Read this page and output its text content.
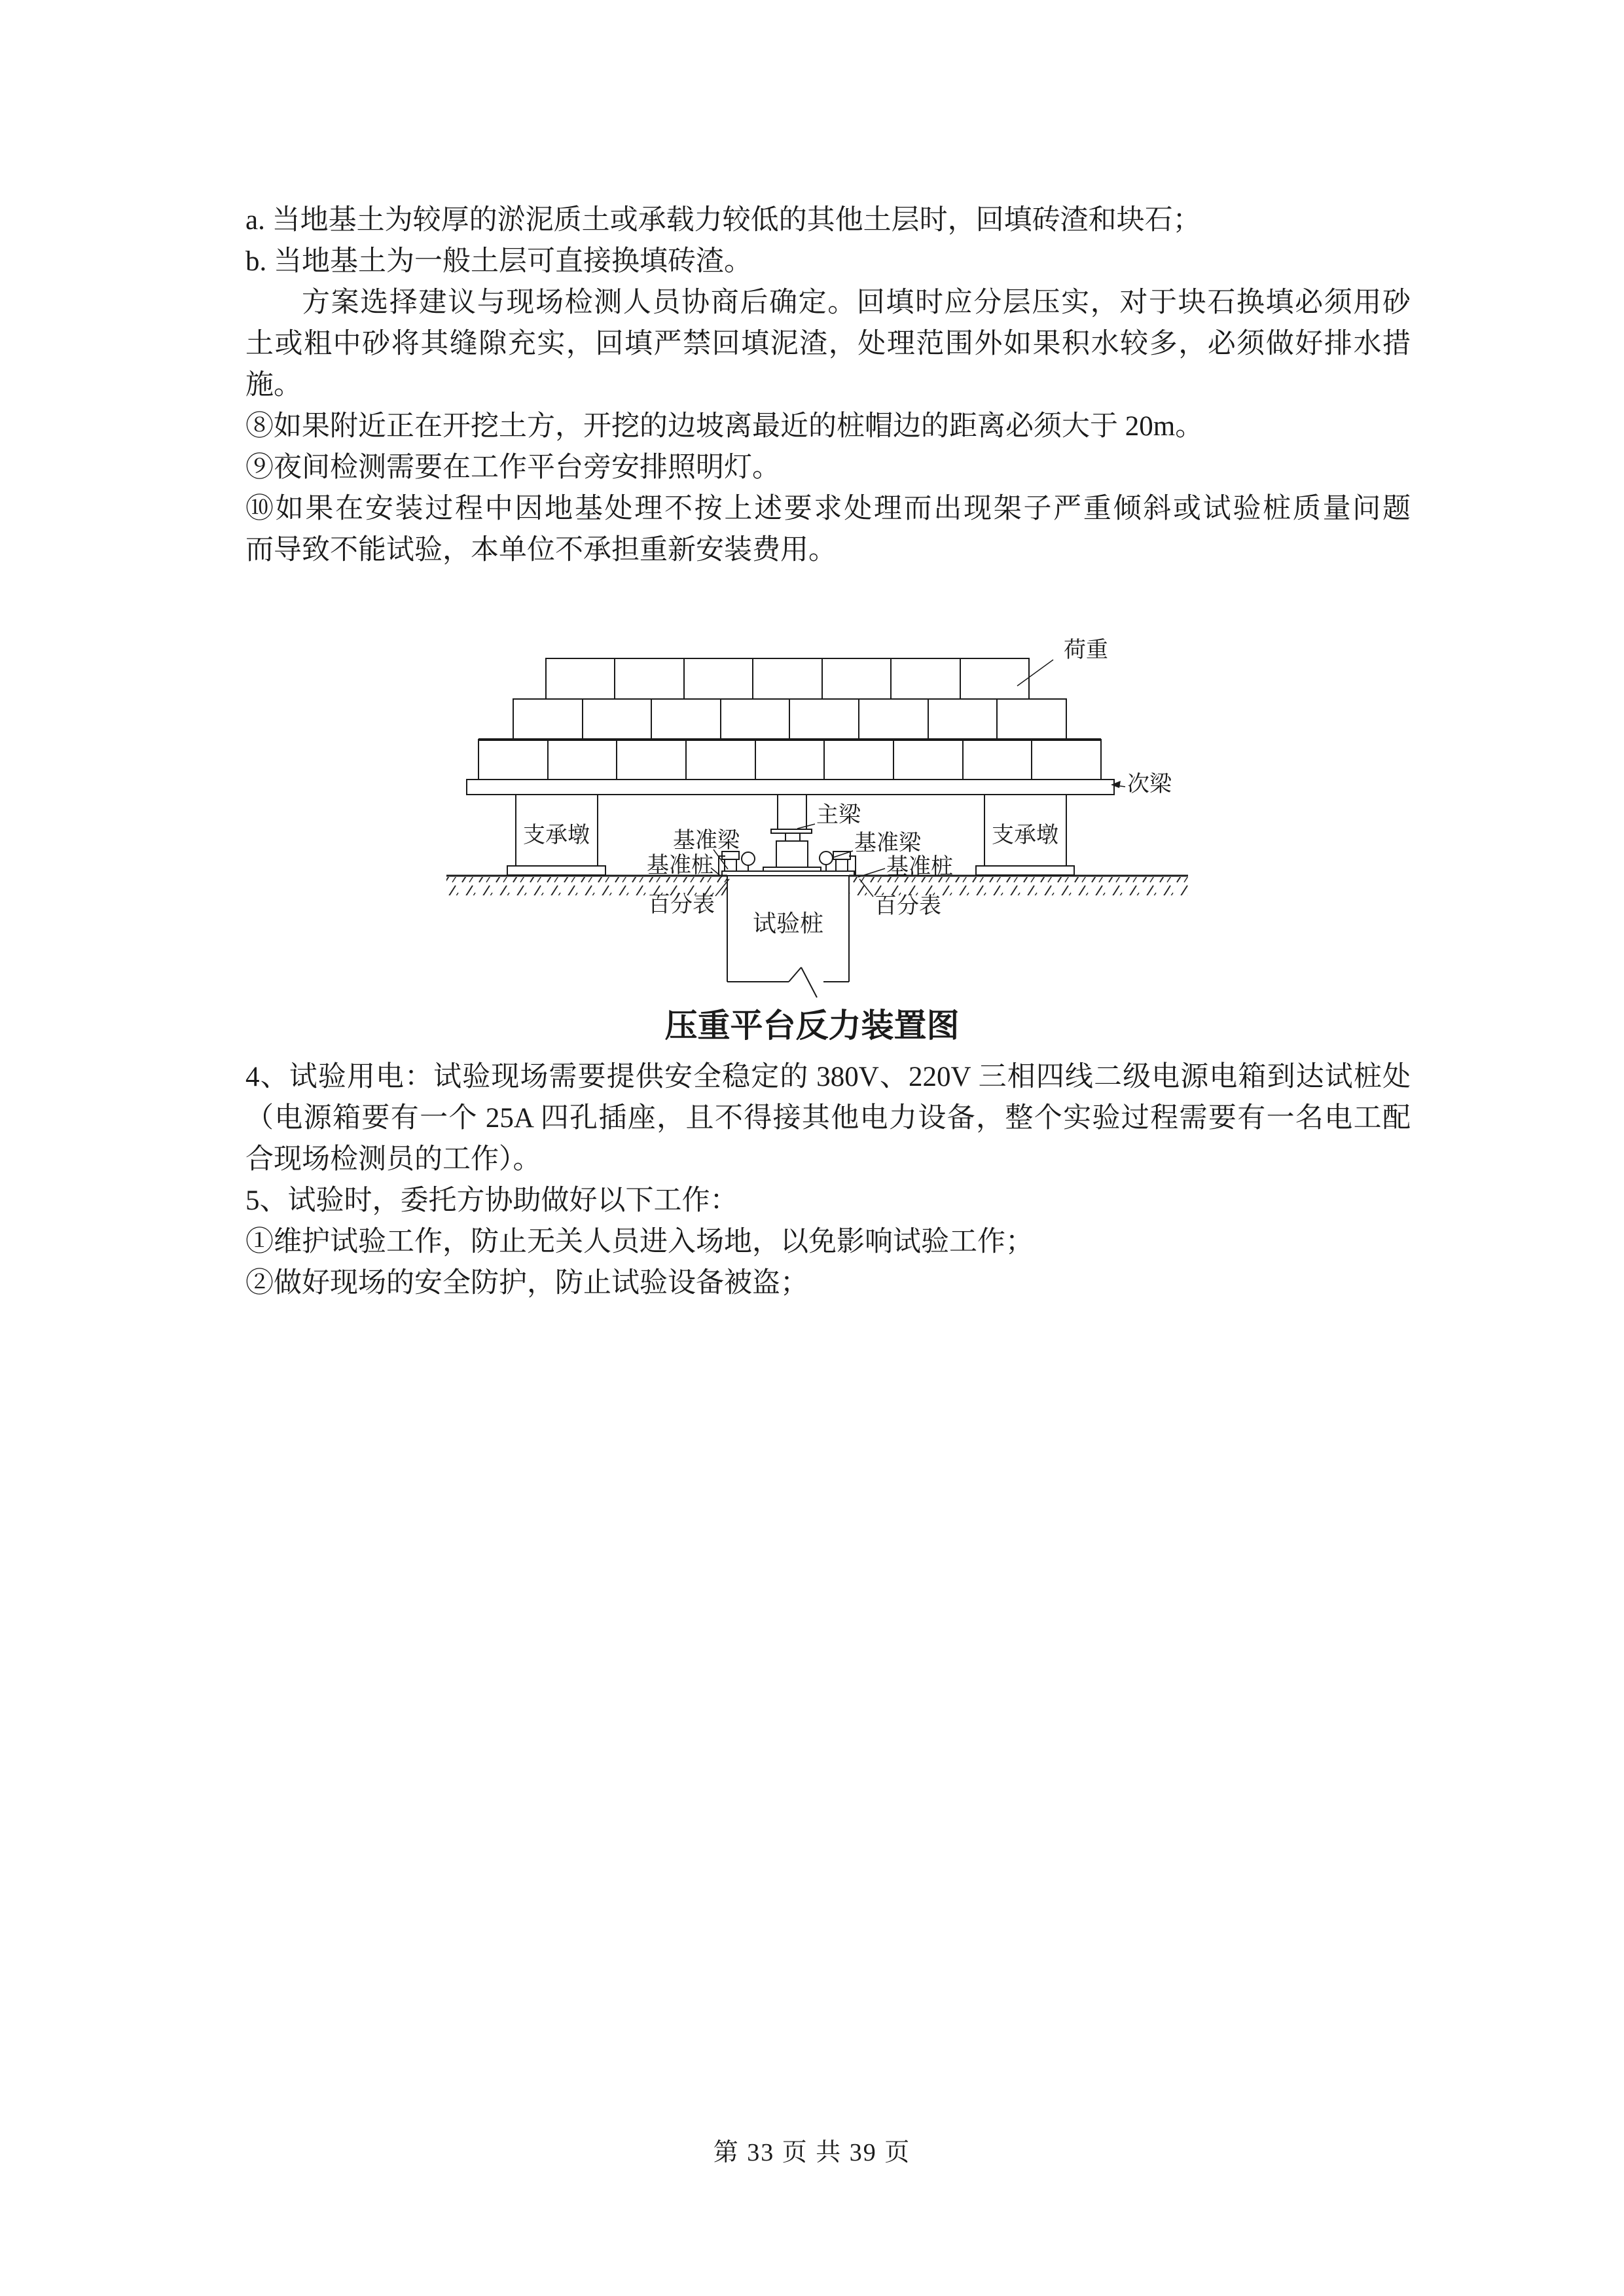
a. 当地基土为较厚的淤泥质土或承载力较低的其他土层时，回填砖渣和块石；
b. 当地基土为一般土层可直接换填砖渣。
方案选择建议与现场检测人员协商后确定。回填时应分层压实，对于块石换填必须用砂
土或粗中砂将其缝隙充实，回填严禁回填泥渣，处理范围外如果积水较多，必须做好排水措
施。
⑧如果附近正在开挖土方，开挖的边坡离最近的桩帽边的距离必须大于 20m。
⑨夜间检测需要在工作平台旁安排照明灯。
⑩如果在安装过程中因地基处理不按上述要求处理而出现架子严重倾斜或试验桩质量问题
而导致不能试验，本单位不承担重新安装费用。
荷重
次梁
主梁
支承墩	支承墩
基准梁	基准梁
基准桩	基准桩
百分表	百分表
试验桩
压重平台反力装置图
4、试验用电：试验现场需要提供安全稳定的 380V、220V 三相四线二级电源电箱到达试桩处
（电源箱要有一个 25A 四孔插座，且不得接其他电力设备，整个实验过程需要有一名电工配
合现场检测员的工作）。
5、试验时，委托方协助做好以下工作：
①维护试验工作，防止无关人员进入场地，以免影响试验工作；
②做好现场的安全防护，防止试验设备被盗；
第 33 页 共 39 页
